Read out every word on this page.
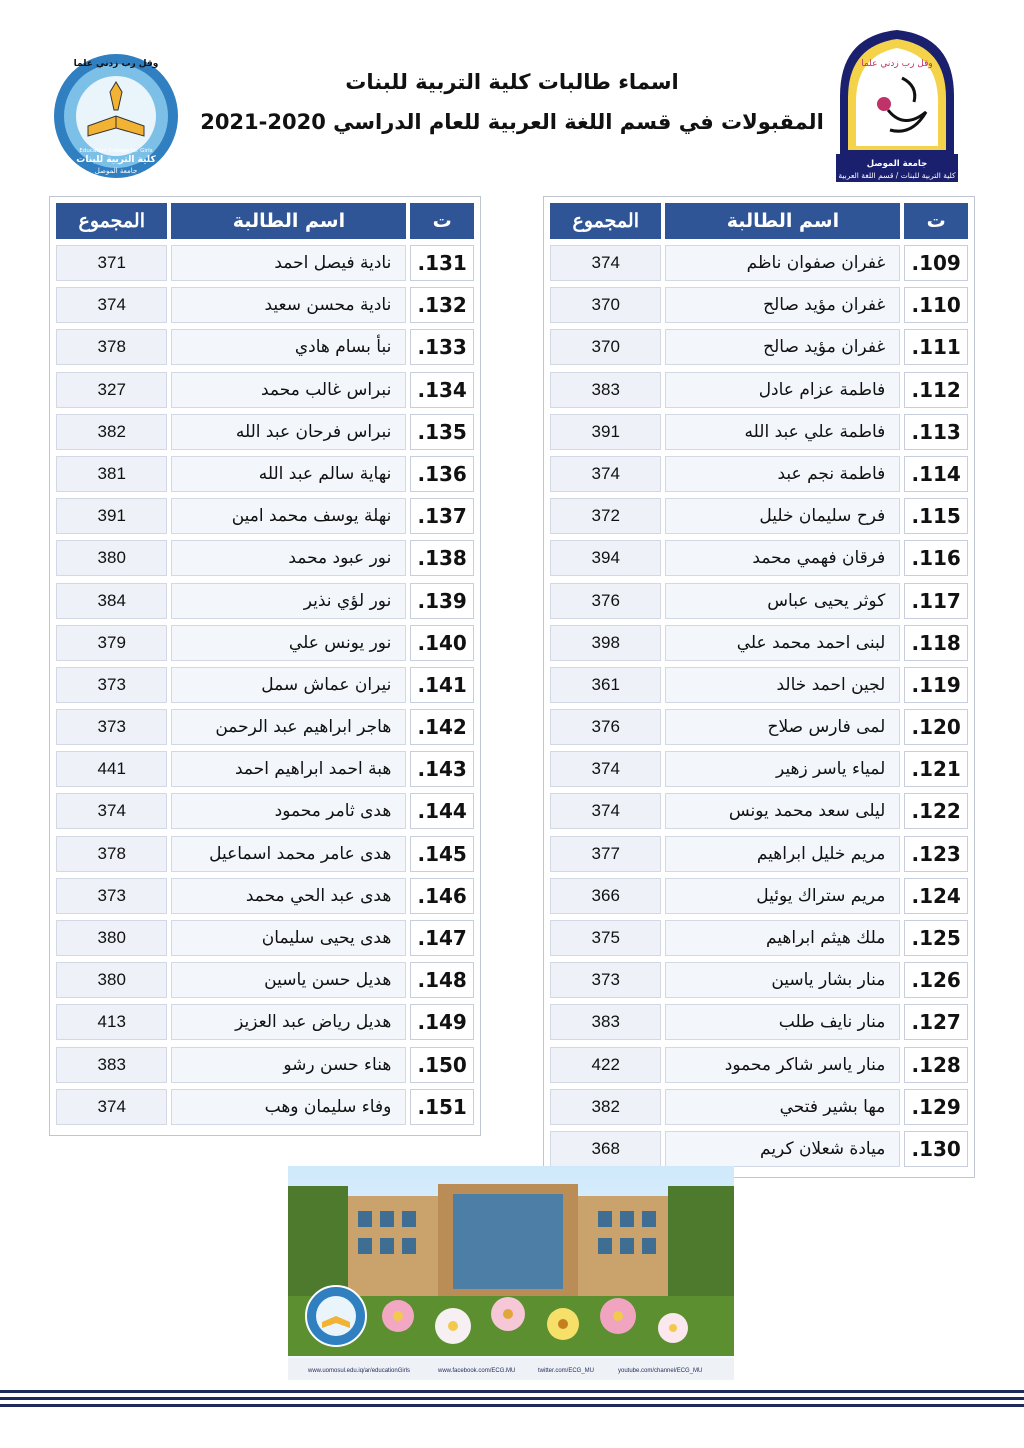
اسماء طالبات كلية التربية للبنات
المقبولات في قسم اللغة العربية للعام الدراسي 2020-2021
وقل رب زدني علما
جامعة الموصل
كلية التربية للبنات / قسم اللغة العربية
وقل رب زدني علما
Education College for Girls
كلية التربية للبنات
جامعة الموصل
ت
اسم الطالبة
المجموع
109.
غفران صفوان ناظم
374
110.
غفران مؤيد صالح
370
111.
غفران مؤيد صالح
370
112.
فاطمة عزام عادل
383
113.
فاطمة علي عبد الله
391
114.
فاطمة نجم عبد
374
115.
فرح سليمان خليل
372
116.
فرقان فهمي محمد
394
117.
كوثر يحيى عباس
376
118.
لبنى احمد محمد علي
398
119.
لجين احمد خالد
361
120.
لمى فارس صلاح
376
121.
لمياء ياسر زهير
374
122.
ليلى سعد محمد يونس
374
123.
مريم خليل ابراهيم
377
124.
مريم ستراك يوئيل
366
125.
ملك هيثم ابراهيم
375
126.
منار بشار ياسين
373
127.
منار نايف طلب
383
128.
منار ياسر شاكر محمود
422
129.
مها بشير فتحي
382
130.
ميادة شعلان كريم
368
ت
اسم الطالبة
المجموع
131.
نادية فيصل احمد
371
132.
نادية محسن سعيد
374
133.
نبأ بسام هادي
378
134.
نبراس غالب محمد
327
135.
نبراس فرحان عبد الله
382
136.
نهاية سالم عبد الله
381
137.
نهلة يوسف محمد امين
391
138.
نور عبود محمد
380
139.
نور لؤي نذير
384
140.
نور يونس علي
379
141.
نيران عماش سمل
373
142.
هاجر ابراهيم عبد الرحمن
373
143.
هبة احمد ابراهيم احمد
441
144.
هدى ثامر محمود
374
145.
هدى عامر محمد اسماعيل
378
146.
هدى عبد الحي محمد
373
147.
هدى يحيى سليمان
380
148.
هديل حسن ياسين
380
149.
هديل رياض عبد العزيز
413
150.
هناء حسن رشو
383
151.
وفاء سليمان وهب
374
www.uomosul.edu.iq/ar/educationGirls	www.facebook.com/ECG.MU	twitter.com/ECG_MU	youtube.com/channel/ECG_MU
